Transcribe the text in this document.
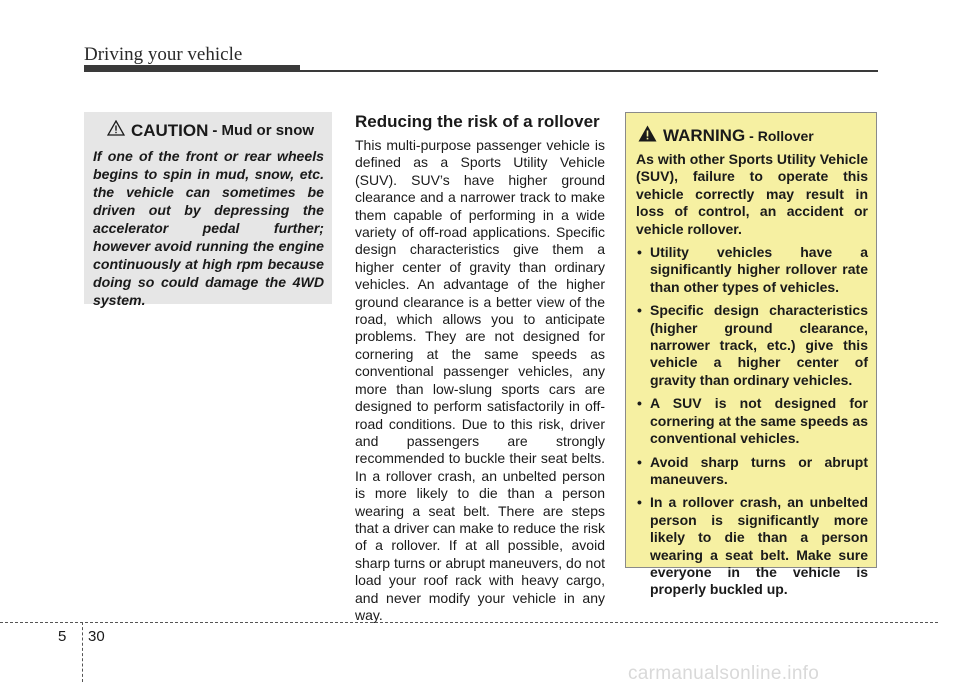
Driving your vehicle
CAUTION - Mud or snow
If one of the front or rear wheels begins to spin in mud, snow, etc. the vehicle can sometimes be driven out by depressing the accelerator pedal further; however avoid running the engine continuously at high rpm because doing so could damage the 4WD system.
Reducing the risk of a rollover
This multi-purpose passenger vehicle is defined as a Sports Utility Vehicle (SUV). SUV’s have higher ground clearance and a narrower track to make them capable of performing in a wide variety of off-road applications. Specific design characteristics give them a higher center of gravity than ordinary vehicles. An advantage of the higher ground clearance is a better view of the road, which allows you to anticipate problems. They are not designed for cornering at the same speeds as conventional passenger vehicles, any more than low-slung sports cars are designed to perform satisfactorily in off-road conditions. Due to this risk, driver and passengers are strongly recommended to buckle their seat belts. In a rollover crash, an unbelted person is more likely to die than a person wearing a seat belt. There are steps that a driver can make to reduce the risk of a rollover. If at all possible, avoid sharp turns or abrupt maneuvers, do not load your roof rack with heavy cargo, and never modify your vehicle in any way.
WARNING - Rollover
As with other Sports Utility Vehicle (SUV), failure to operate this vehicle correctly may result in loss of control, an accident or vehicle rollover.
• Utility vehicles have a significantly higher rollover rate than other types of vehicles.
• Specific design characteristics (higher ground clearance, narrower track, etc.) give this vehicle a higher center of gravity than ordinary vehicles.
• A SUV is not designed for cornering at the same speeds as conventional vehicles.
• Avoid sharp turns or abrupt maneuvers.
• In a rollover crash, an unbelted person is significantly more likely to die than a person wearing a seat belt. Make sure everyone in the vehicle is properly buckled up.
5 30
carmanualsonline.info
